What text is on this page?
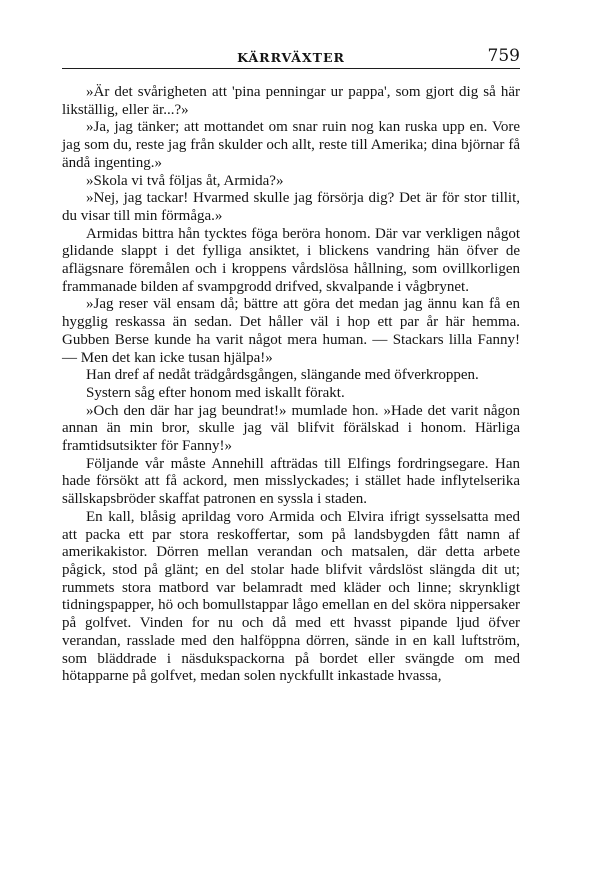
KÄRRVÄXTER	759

»Är det svårigheten att 'pina penningar ur pappa', som gjort dig så här likställig, eller är...?»

»Ja, jag tänker; att mottandet om snar ruin nog kan ruska upp en. Vore jag som du, reste jag från skulder och allt, reste till Amerika; dina björnar få ändå ingenting.»

»Skola vi två följas åt, Armida?»

»Nej, jag tackar! Hvarmed skulle jag försörja dig? Det är för stor tillit, du visar till min förmåga.»

Armidas bittra hån tycktes föga beröra honom. Där var verkligen något glidande slappt i det fylliga ansiktet, i blickens vandring hän öfver de aflägsnare föremålen och i kroppens vårdslösa hållning, som ovillkorligen frammanade bilden af svampgrodd drifved, skvalpande i vågbrynet.

»Jag reser väl ensam då; bättre att göra det medan jag ännu kan få en hygglig reskassa än sedan. Det håller väl i hop ett par år här hemma. Gubben Berse kunde ha varit något mera human. — Stackars lilla Fanny! — Men det kan icke tusan hjälpa!»

Han dref af nedåt trädgårdsgången, slängande med öfverkroppen.

Systern såg efter honom med iskallt förakt.

»Och den där har jag beundrat!» mumlade hon. »Hade det varit någon annan än min bror, skulle jag väl blifvit förälskad i honom. Härliga framtidsutsikter för Fanny!»

Följande vår måste Annehill afträdas till Elfings fordringsegare. Han hade försökt att få ackord, men misslyckades; i stället hade inflytelserika sällskapsbröder skaffat patronen en syssla i staden.

En kall, blåsig aprildag voro Armida och Elvira ifrigt sysselsatta med att packa ett par stora reskoffertar, som på landsbygden fått namn af amerikakistor. Dörren mellan verandan och matsalen, där detta arbete pågick, stod på glänt; en del stolar hade blifvit vårdslöst slängda dit ut; rummets stora matbord var belamradt med kläder och linne; skrynkligt tidningspapper, hö och bomullstappar lågo emellan en del sköra nippersaker på golfvet. Vinden for nu och då med ett hvasst pipande ljud öfver verandan, rasslade med den halföppna dörren, sände in en kall luftström, som bläddrade i näsdukspackorna på bordet eller svängde om med hötapparne på golfvet, medan solen nyckfullt inkastade hvassa,
